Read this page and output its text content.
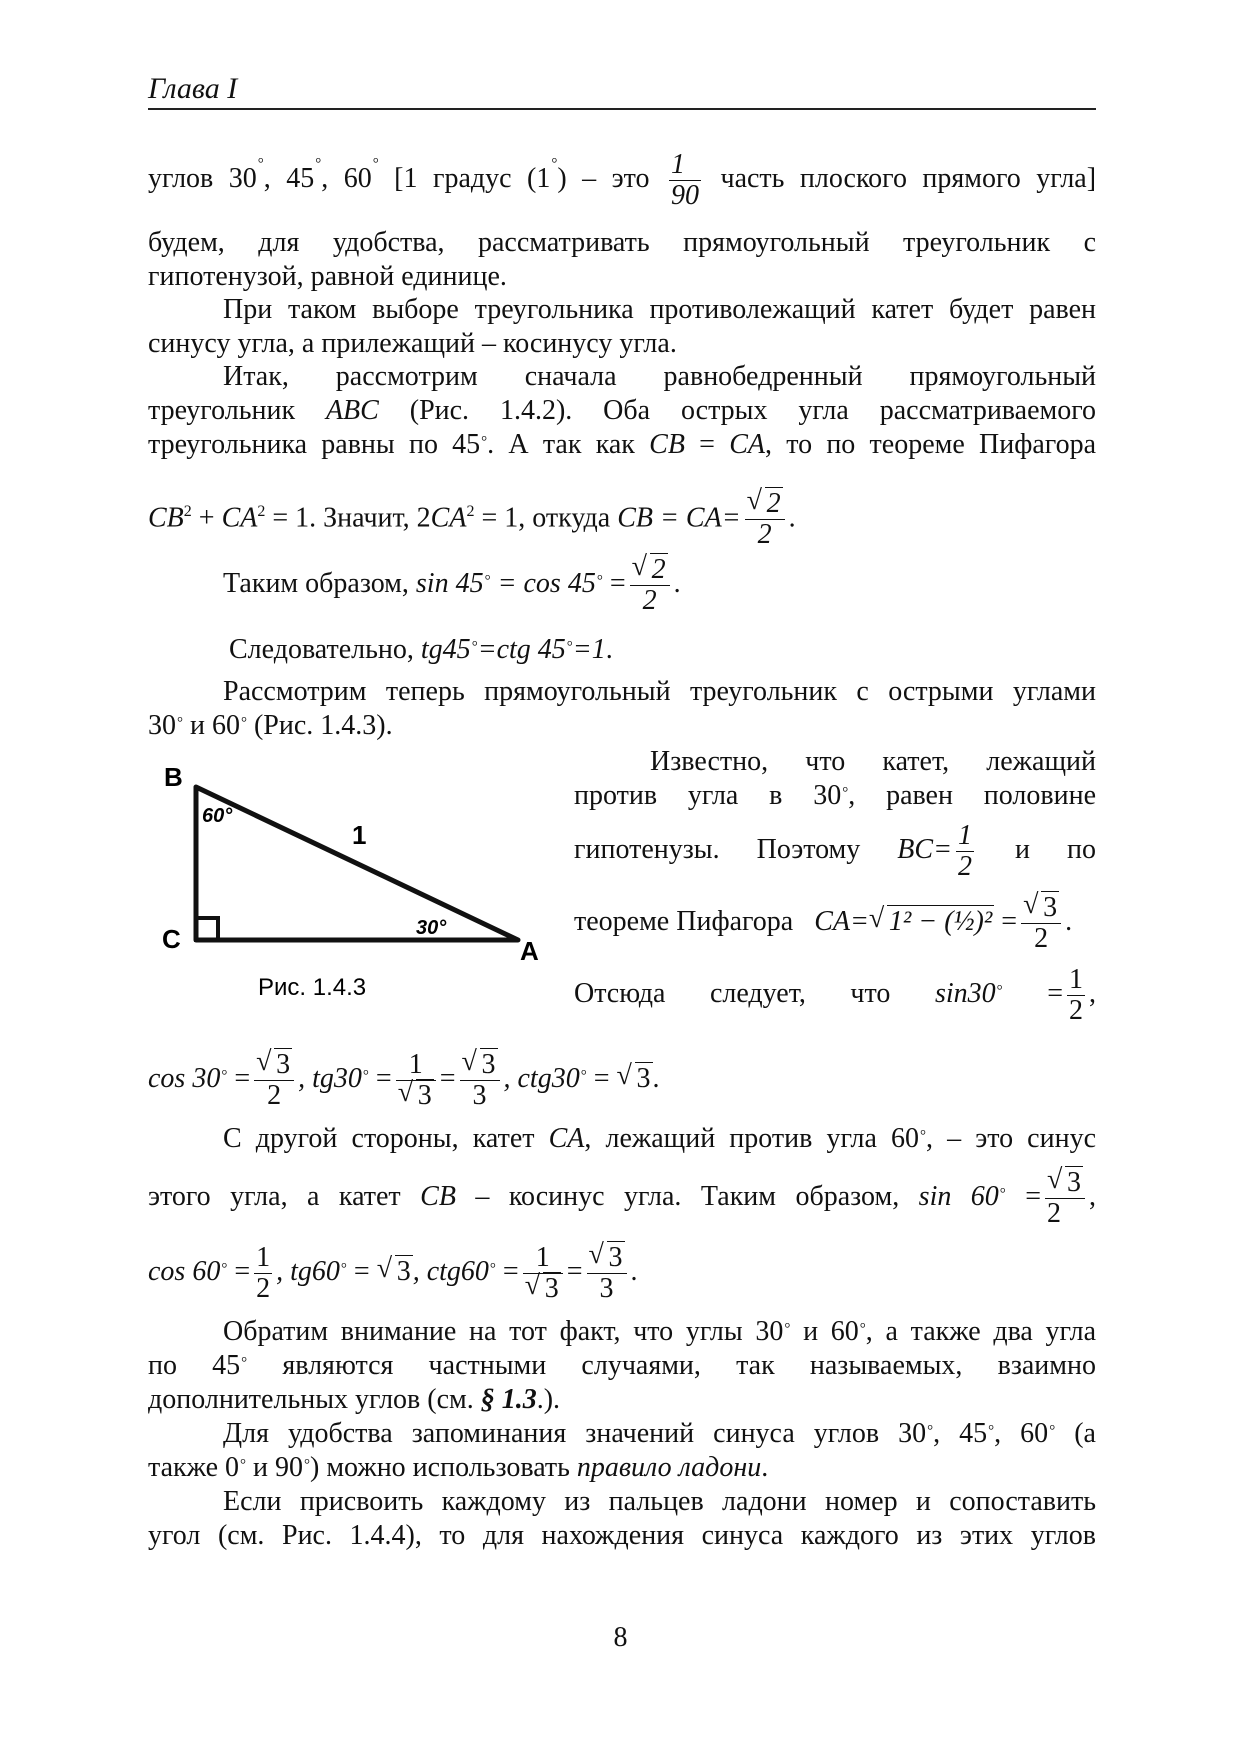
Глава I
углов 30°, 45°, 60° [1 градус (1°) – это $\frac{1}{90}$ часть плоского прямого угла]
будем, для удобства, рассматривать прямоугольный треугольник с
гипотенузой, равной единице.
При таком выборе треугольника противолежащий катет будет равен
синусу угла, а прилежащий – косинусу угла.
Итак, рассмотрим сначала равнобедренный прямоугольный
треугольник ABC (Рис. 1.4.2). Оба острых угла рассматриваемого
треугольника равны по 45°. А так как CB = CA, то по теореме Пифагора
$CB^2 + CA^2 = 1$. Значит, $2CA^2 = 1$, откуда CB = CA= √ $\frac{2}{2}$ .
Таким образом, sin 45° = cos 45° = √ $\frac{2}{2}$ .
Следовательно, tg45°=ctg 45°=1.
Рассмотрим теперь прямоугольный треугольник с острыми углами
30° и 60° (Рис. 1.4.3).
B
C	A
60°
30°
1
Рис. 1.4.3
Известно, что катет, лежащий
против угла в 30°, равен половине
гипотенузы. Поэтому $BC= \frac{1}{2}$ и по
теореме Пифагора CA= √ 1² − (½)² = √ $\frac{3}{2}$ .
Отсюда следует, что $\sin 30^\circ = \frac{1}{2}$ ,
cos 30° = √ $\frac{3}{2}$ , tg30° = 1
√ 3 = √ $\frac{3}{3}$ , ctg30° = √ 3.
С другой стороны, катет CA, лежащий против угла 60°, – это синус
этого угла, а катет CB – косинус угла. Таким образом, sin 60° = √ $\frac{3}{2}$ ,
$\cos 60^\circ = \frac{1}{2}$ , tg60° = √ 3, ctg60° = 1
√ 3 = √ $\frac{3}{3}$ .
Обратим внимание на тот факт, что углы 30° и 60°, а также два угла
по 45° являются частными случаями, так называемых, взаимно
дополнительных углов (см. § 1.3.).
Для удобства запоминания значений синуса углов 30°, 45°, 60° (а
также 0° и 90°) можно использовать правило ладони.
Если присвоить каждому из пальцев ладони номер и сопоставить
угол (см. Рис. 1.4.4), то для нахождения синуса каждого из этих углов
8
